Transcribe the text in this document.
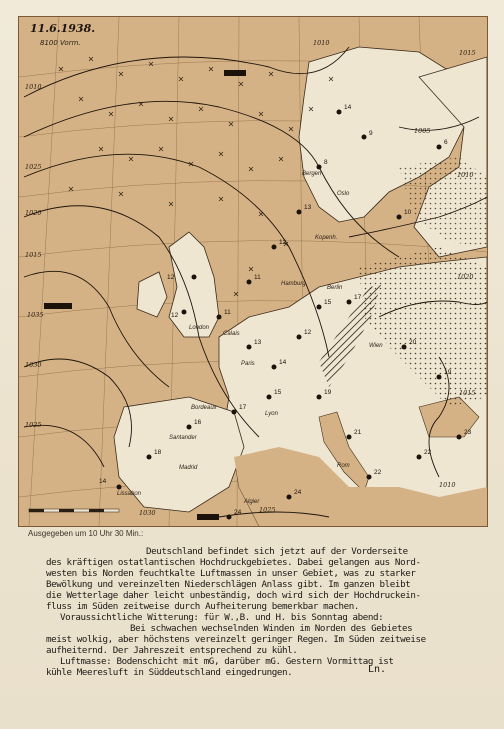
14
9
8
13
12
11
12
12	11
13
14
12
15
17
15
17
16
18
14
19
21
22
20
19
23
22
24
24
10
6
1010
1015
1010
1025
1020
1015
1030
1025
1005
1010
1020
1035
1030	1025
1015
1010
Bergen
Oslo
Kopenh.
Hamburg
London
Calais
Paris
Berlin
Wien
Lyon
Bordeaux
Rom
Santander
Madrid
Lissabon
Algier
11.6.1938.
8100 Vorm.
Ausgegeben um 10 Uhr 30 Min.:
Deutschland befindet sich jetzt auf der Vorderseite
des kräftigen ostatlantischen Hochdruckgebietes. Dabei gelangen aus Nord-
westen bis Norden feuchtkalte Luftmassen in unser Gebiet, was zu starker
Bewölkung und vereinzelten Niederschlägen Anlass gibt. Im ganzen bleibt
die Wetterlage daher leicht unbeständig, doch wird sich der Hochdruckein-
fluss im Süden zeitweise durch Aufheiterung bemerkbar machen.
Voraussichtliche Witterung: für W.,B. und H. bis Sonntag abend:
Bei schwachen wechselnden Winden im Norden des Gebietes
meist wolkig, aber höchstens vereinzelt geringer Regen. Im Süden zeitweise
aufheiternd. Der Jahreszeit entsprechend zu kühl.
Luftmasse: Bodenschicht mit mG, darüber mG. Gestern Vormittag ist
kühle Meeresluft in Süddeutschland eingedrungen.	Ln.
